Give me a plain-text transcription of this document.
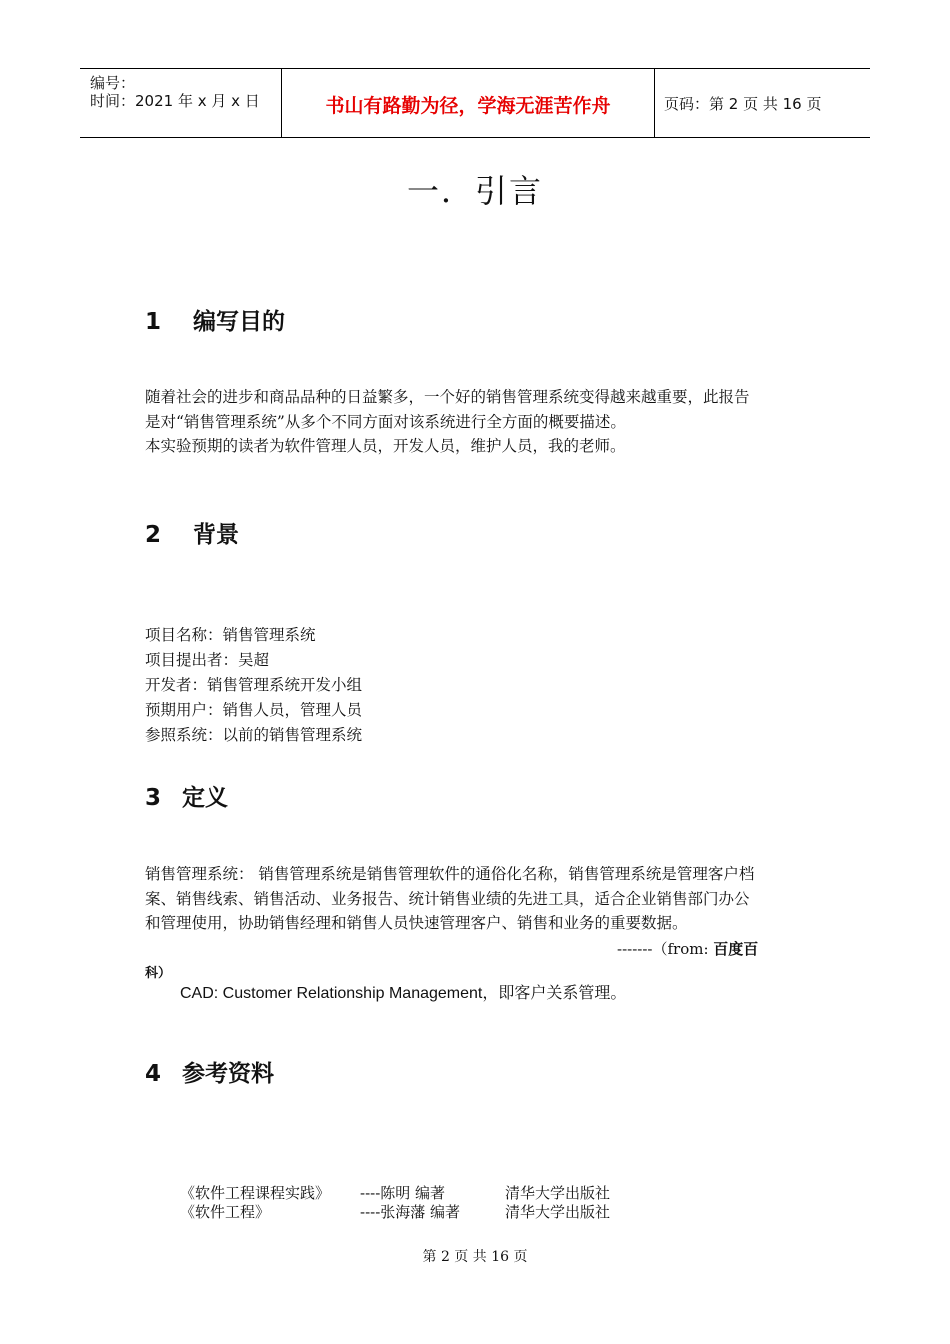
编号：
时间：2021 年 x 月 x 日	书山有路勤为径，学海无涯苦作舟	页码：第 2 页 共 16 页
一．引言
1 编写目的
随着社会的进步和商品品种的日益繁多，一个好的销售管理系统变得越来越重要，此报告
是对“销售管理系统”从多个不同方面对该系统进行全方面的概要描述。
本实验预期的读者为软件管理人员，开发人员，维护人员，我的老师。
2 背景
项目名称：销售管理系统
项目提出者：吴超
开发者：销售管理系统开发小组
预期用户：销售人员，管理人员
参照系统：以前的销售管理系统
3 定义
销售管理系统： 销售管理系统是销售管理软件的通俗化名称，销售管理系统是管理客户档
案、销售线索、销售活动、业务报告、统计销售业绩的先进工具，适合企业销售部门办公
和管理使用，协助销售经理和销售人员快速管理客户、销售和业务的重要数据。
-------（from: 百度百
科）
CAD: Customer Relationship Management，即客户关系管理。
4 参考资料
《软件工程课程实践》 ----陈明 编著	清华大学出版社
《软件工程》	----张海藩 编著	清华大学出版社
第 2 页 共 16 页
